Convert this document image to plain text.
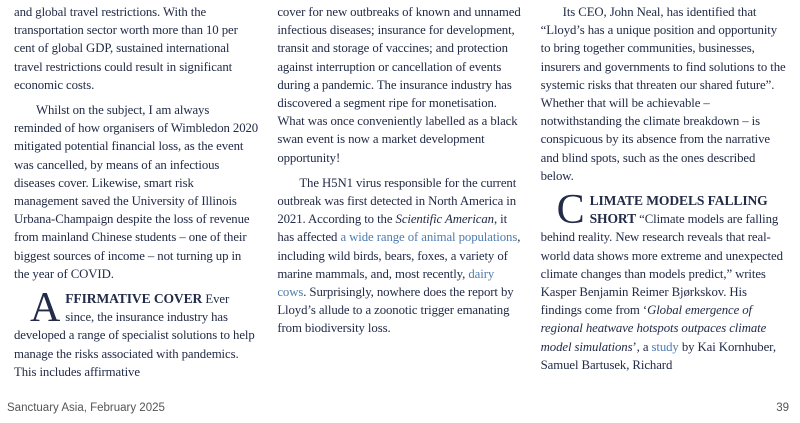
and global travel restrictions. With the transportation sector worth more than 10 per cent of global GDP, sustained international travel restrictions could result in significant economic costs.

Whilst on the subject, I am always reminded of how organisers of Wimbledon 2020 mitigated potential financial loss, as the event was cancelled, by means of an infectious diseases cover. Likewise, smart risk management saved the University of Illinois Urbana-Champaign despite the loss of revenue from mainland Chinese students – one of their biggest sources of income – not turning up in the year of COVID.

AFFIRMATIVE COVER Ever since, the insurance industry has developed a range of specialist solutions to help manage the risks associated with pandemics. This includes affirmative

cover for new outbreaks of known and unnamed infectious diseases; insurance for development, transit and storage of vaccines; and protection against interruption or cancellation of events during a pandemic. The insurance industry has discovered a segment ripe for monetisation. What was once conveniently labelled as a black swan event is now a market development opportunity!

The H5N1 virus responsible for the current outbreak was first detected in North America in 2021. According to the Scientific American, it has affected a wide range of animal populations, including wild birds, bears, foxes, a variety of marine mammals, and, most recently, dairy cows. Surprisingly, nowhere does the report by Lloyd’s allude to a zoonotic trigger emanating from biodiversity loss.

Its CEO, John Neal, has identified that “Lloyd’s has a unique position and opportunity to bring together communities, businesses, insurers and governments to find solutions to the systemic risks that threaten our shared future”. Whether that will be achievable – notwithstanding the climate breakdown – is conspicuous by its absence from the narrative and blind spots, such as the ones described below.

CLIMATE MODELS FALLING SHORT “Climate models are falling behind reality. New research reveals that real-world data shows more extreme and unexpected climate changes than models predict,” writes Kasper Benjamin Reimer Bjørkskov. His findings come from ‘Global emergence of regional heatwave hotspots outpaces climate model simulations’, a study by Kai Kornhuber, Samuel Bartusek, Richard

Sanctuary Asia, February 2025	39
